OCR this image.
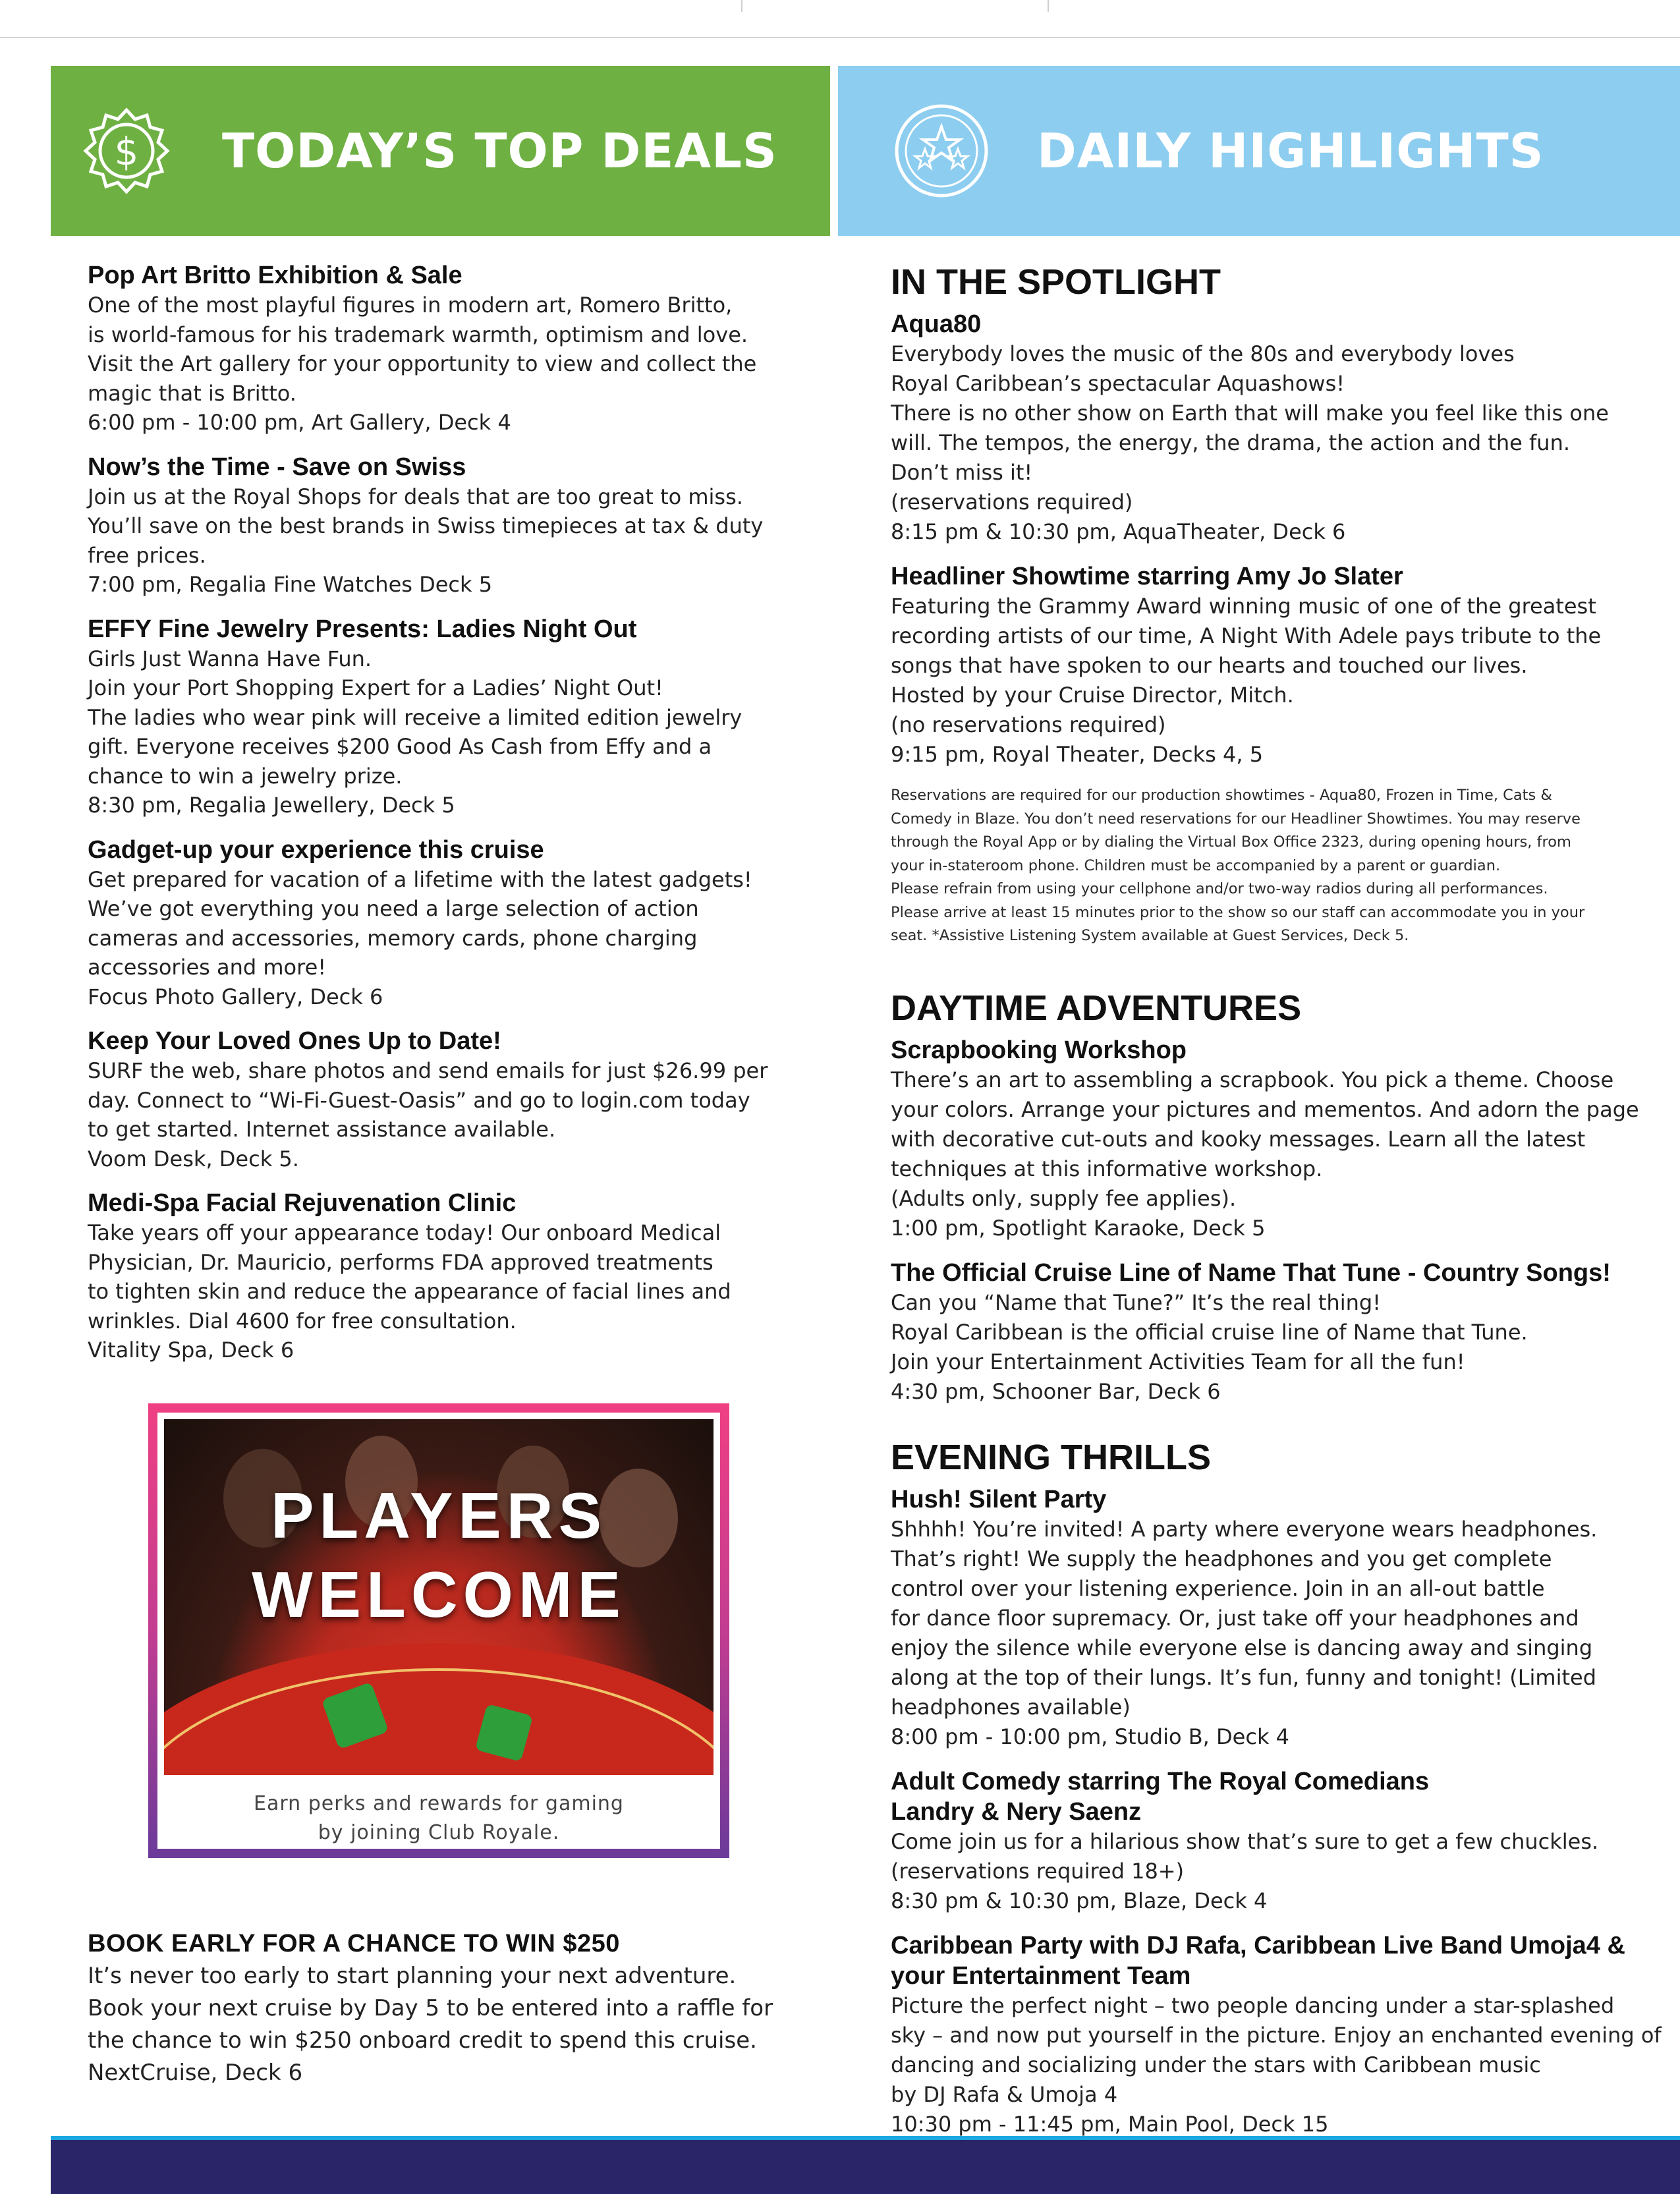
$ TODAY’S TOP DEALS	DAILY HIGHLIGHTS
Pop Art Britto Exhibition & Sale
One of the most playful figures in modern art, Romero Britto,
is world-famous for his trademark warmth, optimism and love.
Visit the Art gallery for your opportunity to view and collect the
magic that is Britto.
6:00 pm - 10:00 pm, Art Gallery, Deck 4
Now’s the Time - Save on Swiss
Join us at the Royal Shops for deals that are too great to miss.
You’ll save on the best brands in Swiss timepieces at tax & duty
free prices.
7:00 pm, Regalia Fine Watches Deck 5
EFFY Fine Jewelry Presents: Ladies Night Out
Girls Just Wanna Have Fun.
Join your Port Shopping Expert for a Ladies’ Night Out!
The ladies who wear pink will receive a limited edition jewelry
gift. Everyone receives $200 Good As Cash from Effy and a
chance to win a jewelry prize.
8:30 pm, Regalia Jewellery, Deck 5
Gadget-up your experience this cruise
Get prepared for vacation of a lifetime with the latest gadgets!
We’ve got everything you need a large selection of action
cameras and accessories, memory cards, phone charging
accessories and more!
Focus Photo Gallery, Deck 6
Keep Your Loved Ones Up to Date!
SURF the web, share photos and send emails for just $26.99 per
day. Connect to “Wi-Fi-Guest-Oasis” and go to login.com today
to get started. Internet assistance available.
Voom Desk, Deck 5.
Medi-Spa Facial Rejuvenation Clinic
Take years off your appearance today! Our onboard Medical
Physician, Dr. Mauricio, performs FDA approved treatments
to tighten skin and reduce the appearance of facial lines and
wrinkles. Dial 4600 for free consultation.
Vitality Spa, Deck 6
PLAYERS
WELCOME
Earn perks and rewards for gaming
by joining Club Royale.
BOOK EARLY FOR A CHANCE TO WIN $250
It’s never too early to start planning your next adventure.
Book your next cruise by Day 5 to be entered into a raffle for
the chance to win $250 onboard credit to spend this cruise.
NextCruise, Deck 6
IN THE SPOTLIGHT
Aqua80
Everybody loves the music of the 80s and everybody loves
Royal Caribbean’s spectacular Aquashows!
There is no other show on Earth that will make you feel like this one
will. The tempos, the energy, the drama, the action and the fun.
Don’t miss it!
(reservations required)
8:15 pm & 10:30 pm, AquaTheater, Deck 6
Headliner Showtime starring Amy Jo Slater
Featuring the Grammy Award winning music of one of the greatest
recording artists of our time, A Night With Adele pays tribute to the
songs that have spoken to our hearts and touched our lives.
Hosted by your Cruise Director, Mitch.
(no reservations required)
9:15 pm, Royal Theater, Decks 4, 5
Reservations are required for our production showtimes - Aqua80, Frozen in Time, Cats &
Comedy in Blaze. You don’t need reservations for our Headliner Showtimes. You may reserve
through the Royal App or by dialing the Virtual Box Office 2323, during opening hours, from
your in-stateroom phone. Children must be accompanied by a parent or guardian.
Please refrain from using your cellphone and/or two-way radios during all performances.
Please arrive at least 15 minutes prior to the show so our staff can accommodate you in your
seat. *Assistive Listening System available at Guest Services, Deck 5.
DAYTIME ADVENTURES
Scrapbooking Workshop
There’s an art to assembling a scrapbook. You pick a theme. Choose
your colors. Arrange your pictures and mementos. And adorn the page
with decorative cut-outs and kooky messages. Learn all the latest
techniques at this informative workshop.
(Adults only, supply fee applies).
1:00 pm, Spotlight Karaoke, Deck 5
The Official Cruise Line of Name That Tune - Country Songs!
Can you “Name that Tune?” It’s the real thing!
Royal Caribbean is the official cruise line of Name that Tune.
Join your Entertainment Activities Team for all the fun!
4:30 pm, Schooner Bar, Deck 6
EVENING THRILLS
Hush! Silent Party
Shhhh! You’re invited! A party where everyone wears headphones.
That’s right! We supply the headphones and you get complete
control over your listening experience. Join in an all-out battle
for dance floor supremacy. Or, just take off your headphones and
enjoy the silence while everyone else is dancing away and singing
along at the top of their lungs. It’s fun, funny and tonight! (Limited
headphones available)
8:00 pm - 10:00 pm, Studio B, Deck 4
Adult Comedy starring The Royal Comedians
Landry & Nery Saenz
Come join us for a hilarious show that’s sure to get a few chuckles.
(reservations required 18+)
8:30 pm & 10:30 pm, Blaze, Deck 4
Caribbean Party with DJ Rafa, Caribbean Live Band Umoja4 &
your Entertainment Team
Picture the perfect night – two people dancing under a star-splashed
sky – and now put yourself in the picture. Enjoy an enchanted evening of
dancing and socializing under the stars with Caribbean music
by DJ Rafa & Umoja 4
10:30 pm - 11:45 pm, Main Pool, Deck 15
